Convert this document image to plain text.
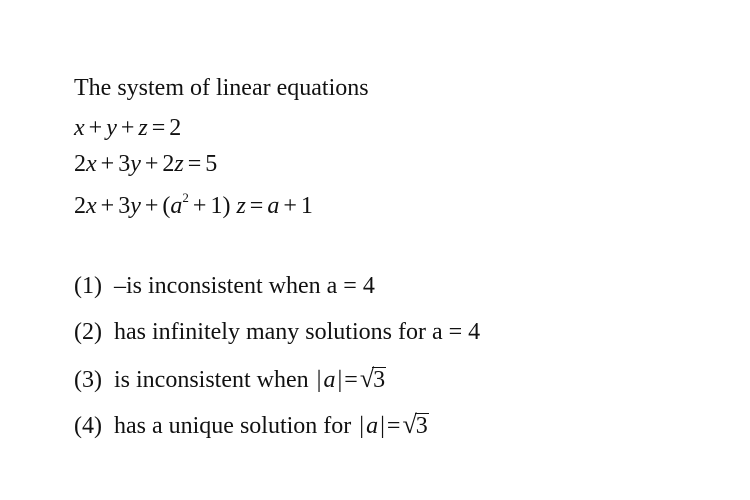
The system of linear equations
x + y + z = 2
2x + 3y + 2z = 5
$2x + 3y + (a^2 + 1) z = a + 1$
(1) –is inconsistent when a = 4
(2) has infinitely many solutions for a = 4
(3) is inconsistent when |a|=√3
(4) has a unique solution for |a|=√3
